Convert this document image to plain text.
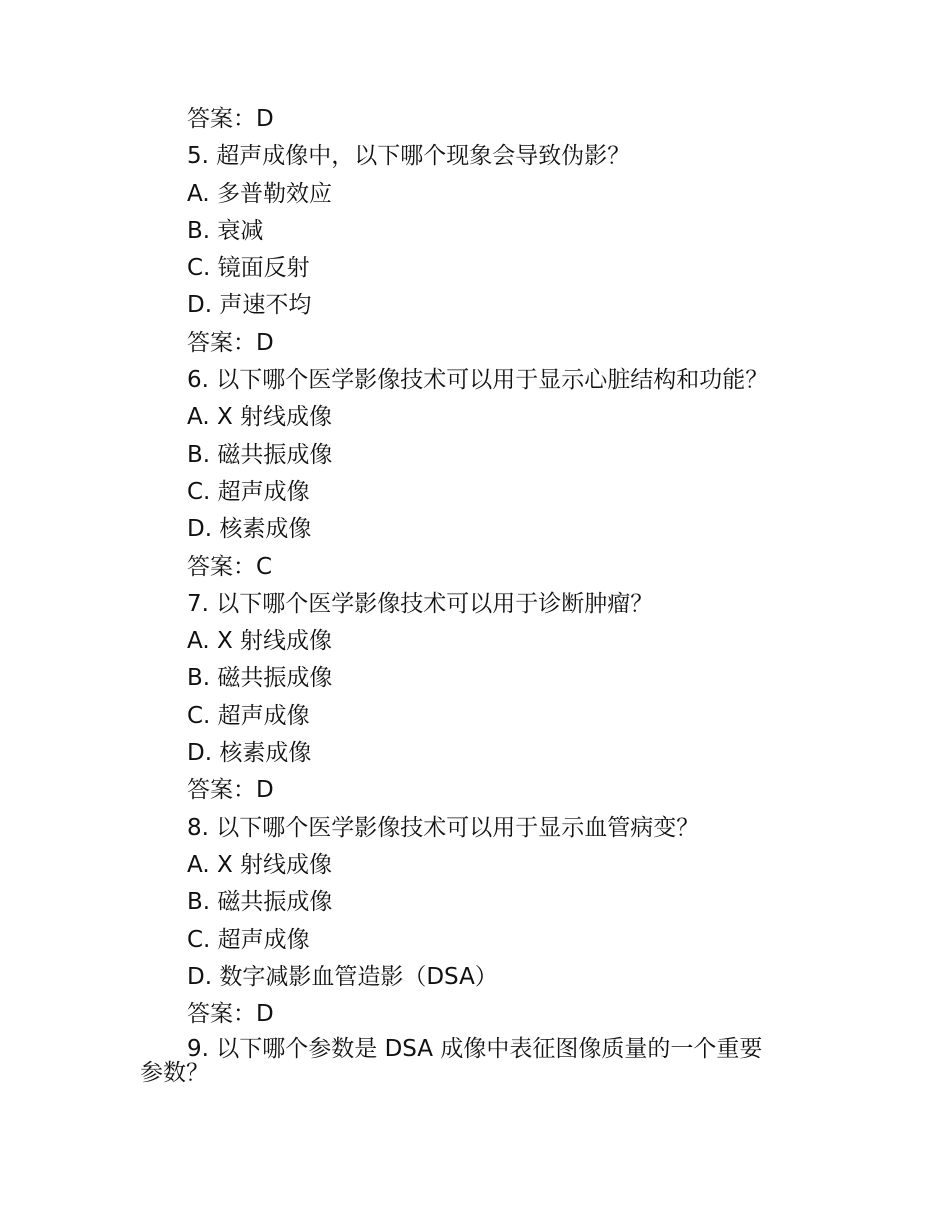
答案：D
5. 超声成像中，以下哪个现象会导致伪影？
A. 多普勒效应
B. 衰减
C. 镜面反射
D. 声速不均
答案：D
6. 以下哪个医学影像技术可以用于显示心脏结构和功能？
A. X 射线成像
B. 磁共振成像
C. 超声成像
D. 核素成像
答案：C
7. 以下哪个医学影像技术可以用于诊断肿瘤？
A. X 射线成像
B. 磁共振成像
C. 超声成像
D. 核素成像
答案：D
8. 以下哪个医学影像技术可以用于显示血管病变？
A. X 射线成像
B. 磁共振成像
C. 超声成像
D. 数字减影血管造影（DSA）
答案：D
9. 以下哪个参数是 DSA 成像中表征图像质量的一个重要
参数？
